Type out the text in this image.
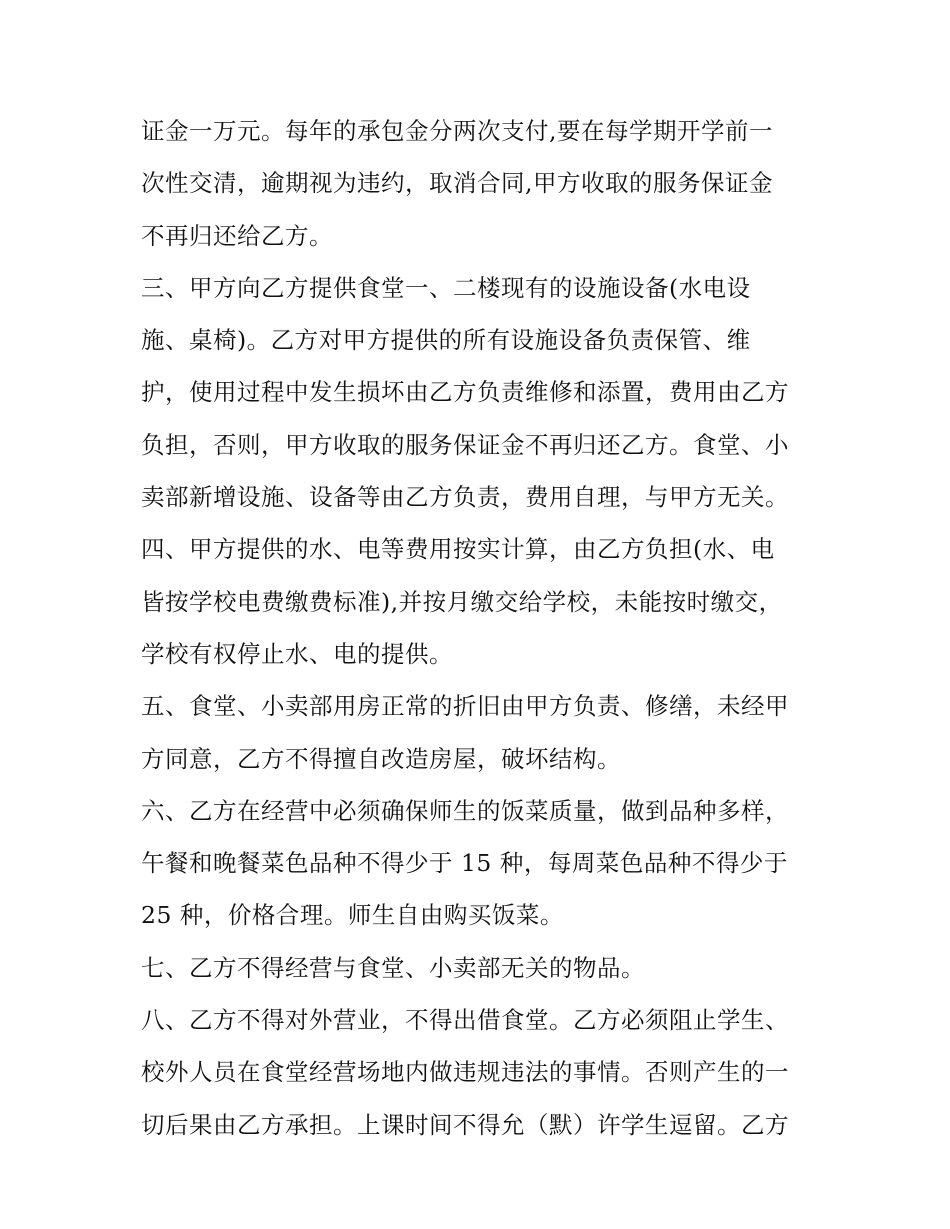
证金一万元。每年的承包金分两次支付,要在每学期开学前一
次性交清，逾期视为违约，取消合同,甲方收取的服务保证金
不再归还给乙方。
三、甲方向乙方提供食堂一、二楼现有的设施设备(水电设
施、桌椅)。乙方对甲方提供的所有设施设备负责保管、维
护，使用过程中发生损坏由乙方负责维修和添置，费用由乙方
负担，否则，甲方收取的服务保证金不再归还乙方。食堂、小
卖部新增设施、设备等由乙方负责，费用自理，与甲方无关。
四、甲方提供的水、电等费用按实计算，由乙方负担(水、电
皆按学校电费缴费标准),并按月缴交给学校，未能按时缴交，
学校有权停止水、电的提供。
五、食堂、小卖部用房正常的折旧由甲方负责、修缮，未经甲
方同意，乙方不得擅自改造房屋，破坏结构。
六、乙方在经营中必须确保师生的饭菜质量，做到品种多样，
午餐和晚餐菜色品种不得少于 15 种，每周菜色品种不得少于
25 种，价格合理。师生自由购买饭菜。
七、乙方不得经营与食堂、小卖部无关的物品。
八、乙方不得对外营业，不得出借食堂。乙方必须阻止学生、
校外人员在食堂经营场地内做违规违法的事情。否则产生的一
切后果由乙方承担。上课时间不得允（默）许学生逗留。乙方
